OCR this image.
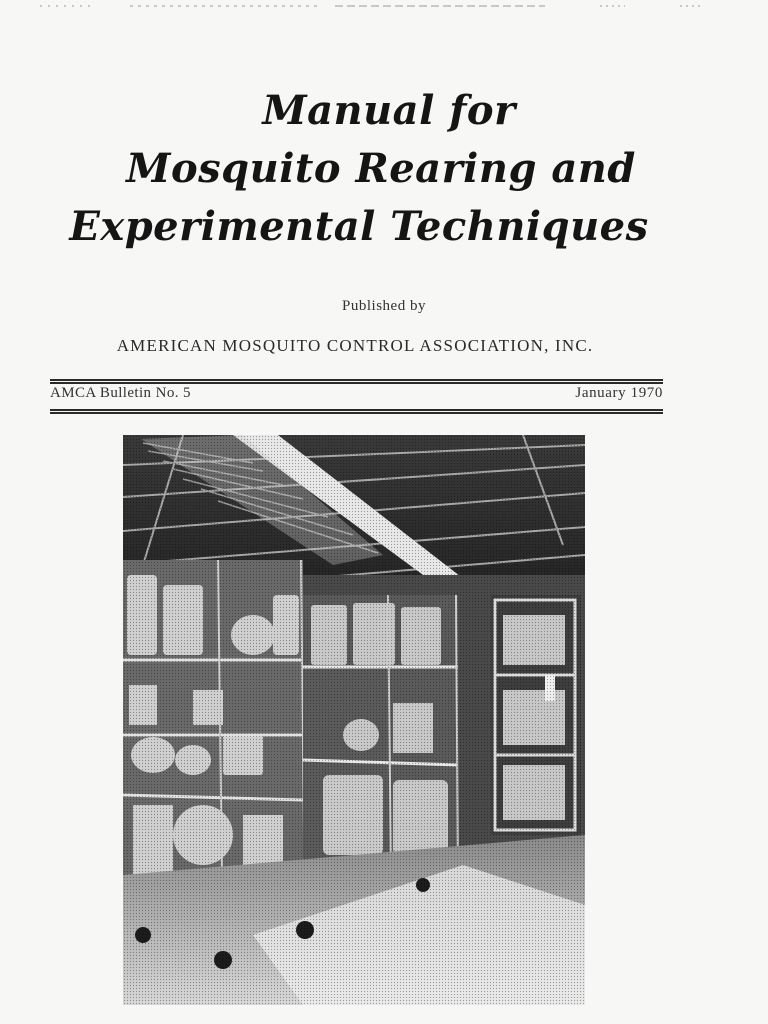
Manual for
Mosquito Rearing and
Experimental Techniques
Published by
AMERICAN MOSQUITO CONTROL ASSOCIATION, INC.
AMCA Bulletin No. 5	January 1970
